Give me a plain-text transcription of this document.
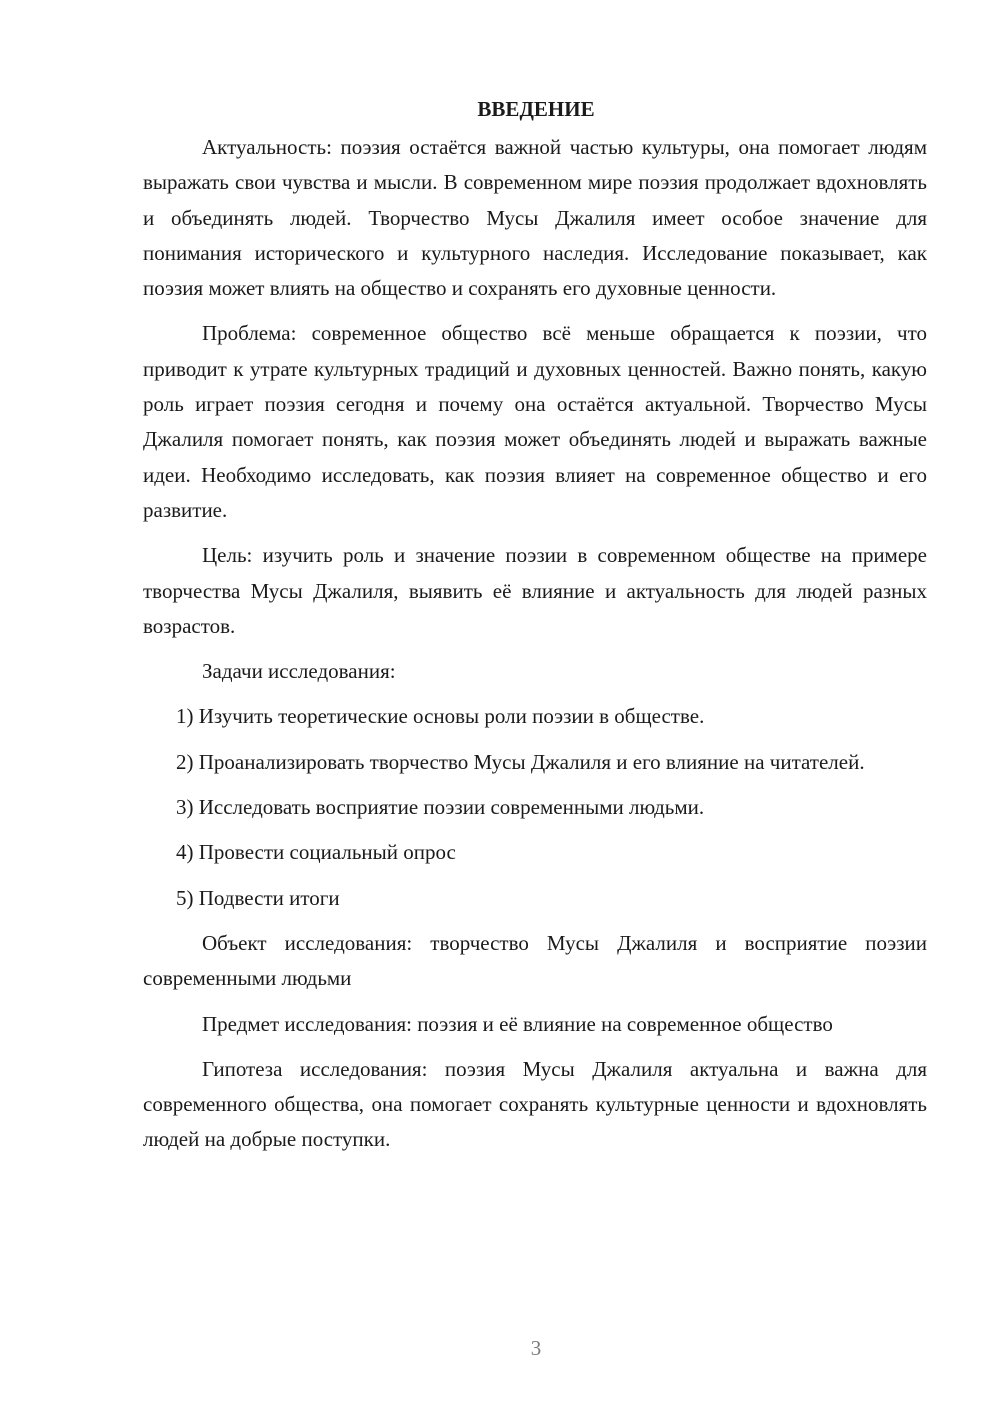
ВВЕДЕНИЕ

Актуальность: поэзия остаётся важной частью культуры, она помогает людям выражать свои чувства и мысли. В современном мире поэзия продолжает вдохновлять и объединять людей. Творчество Мусы Джалиля имеет особое значение для понимания исторического и культурного наследия. Исследование показывает, как поэзия может влиять на общество и сохранять его духовные ценности.

Проблема: современное общество всё меньше обращается к поэзии, что приводит к утрате культурных традиций и духовных ценностей. Важно понять, какую роль играет поэзия сегодня и почему она остаётся актуальной. Творчество Мусы Джалиля помогает понять, как поэзия может объединять людей и выражать важные идеи. Необходимо исследовать, как поэзия влияет на современное общество и его развитие.

Цель: изучить роль и значение поэзии в современном обществе на примере творчества Мусы Джалиля, выявить её влияние и актуальность для людей разных возрастов.

Задачи исследования:

1) Изучить теоретические основы роли поэзии в обществе.

2) Проанализировать творчество Мусы Джалиля и его влияние на читателей.

3) Исследовать восприятие поэзии современными людьми.

4) Провести социальный опрос

5) Подвести итоги

Объект исследования: творчество Мусы Джалиля и восприятие поэзии современными людьми

Предмет исследования: поэзия и её влияние на современное общество

Гипотеза исследования: поэзия Мусы Джалиля актуальна и важна для современного общества, она помогает сохранять культурные ценности и вдохновлять людей на добрые поступки.

3
